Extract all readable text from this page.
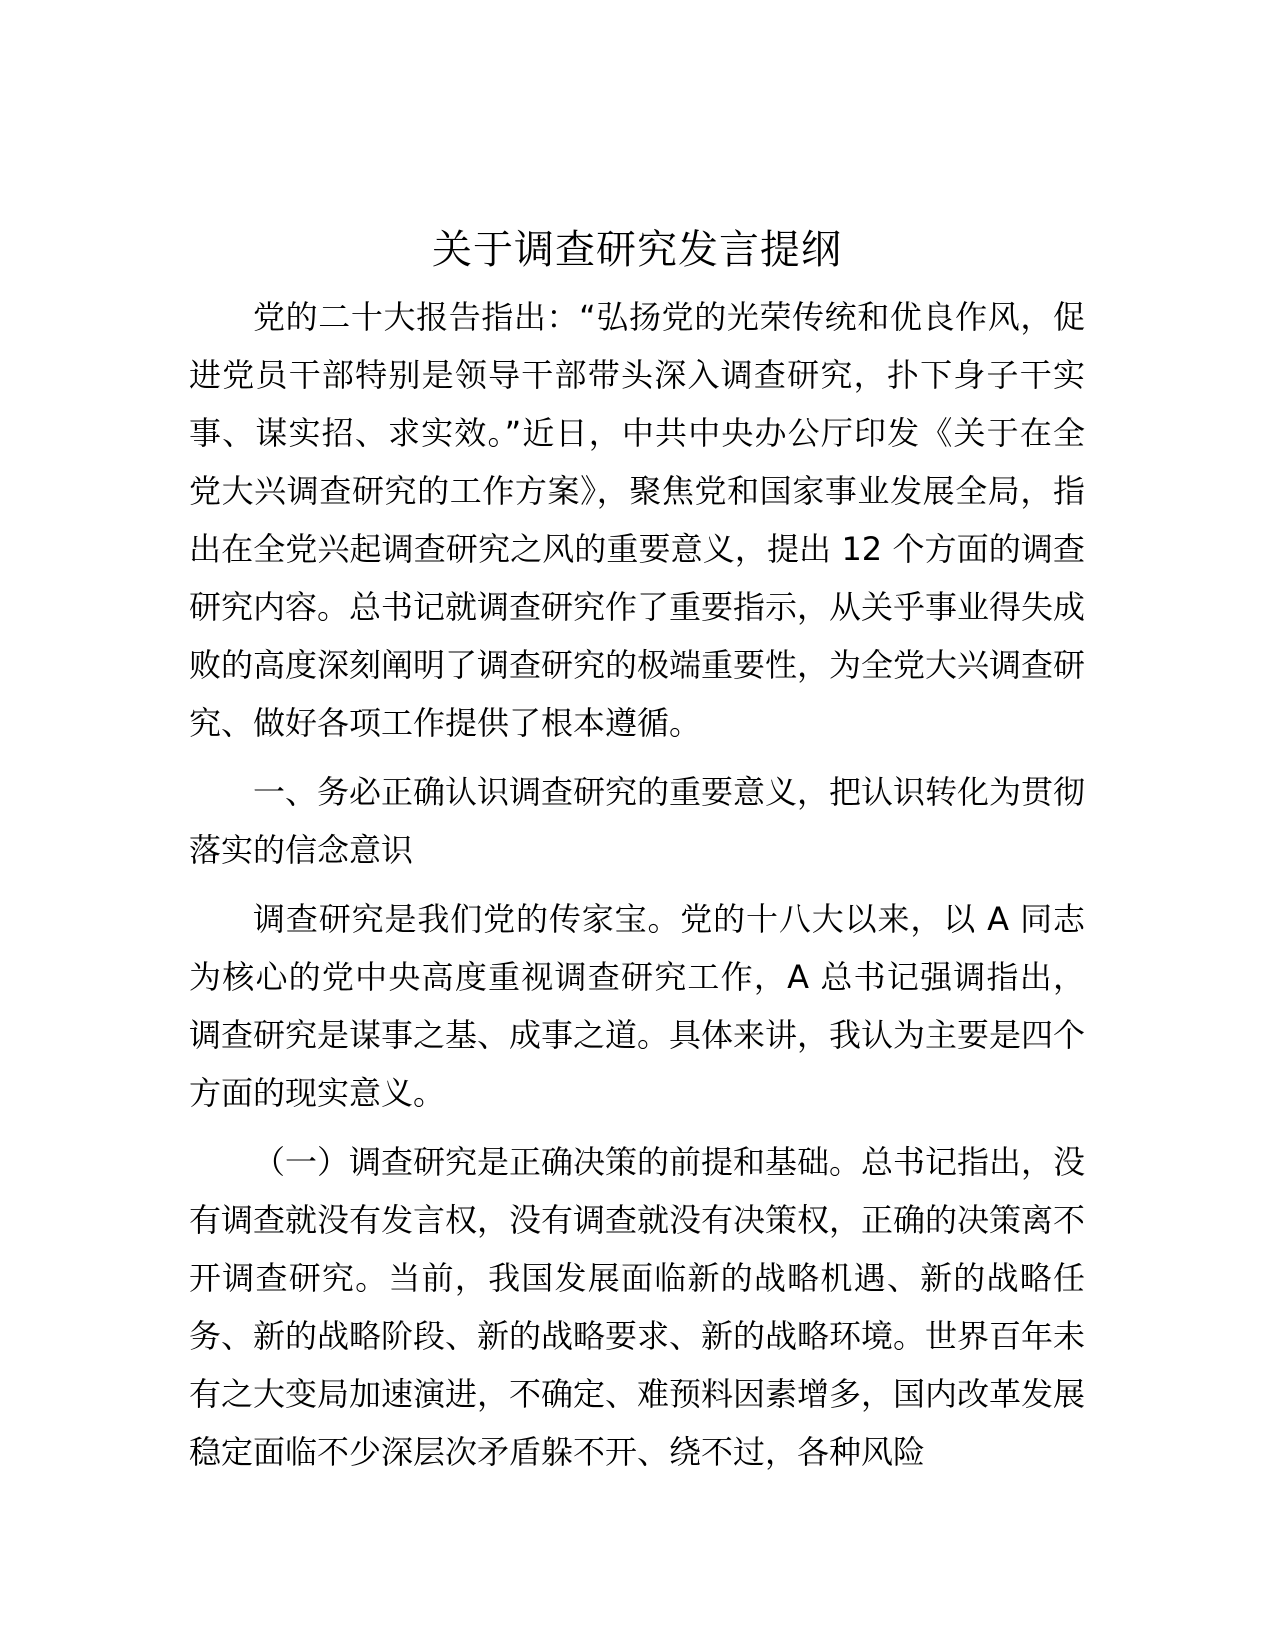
关于调查研究发言提纲

党的二十大报告指出：“弘扬党的光荣传统和优良作风，促进党员干部特别是领导干部带头深入调查研究，扑下身子干实事、谋实招、求实效。”近日，中共中央办公厅印发《关于在全党大兴调查研究的工作方案》，聚焦党和国家事业发展全局，指出在全党兴起调查研究之风的重要意义，提出 12 个方面的调查研究内容。总书记就调查研究作了重要指示，从关乎事业得失成败的高度深刻阐明了调查研究的极端重要性，为全党大兴调查研究、做好各项工作提供了根本遵循。

一、务必正确认识调查研究的重要意义，把认识转化为贯彻落实的信念意识

调查研究是我们党的传家宝。党的十八大以来，以 A 同志为核心的党中央高度重视调查研究工作，A 总书记强调指出，调查研究是谋事之基、成事之道。具体来讲，我认为主要是四个方面的现实意义。

（一）调查研究是正确决策的前提和基础。总书记指出，没有调查就没有发言权，没有调查就没有决策权，正确的决策离不开调查研究。当前，我国发展面临新的战略机遇、新的战略任务、新的战略阶段、新的战略要求、新的战略环境。世界百年未有之大变局加速演进，不确定、难预料因素增多，国内改革发展稳定面临不少深层次矛盾躲不开、绕不过，各种风险
